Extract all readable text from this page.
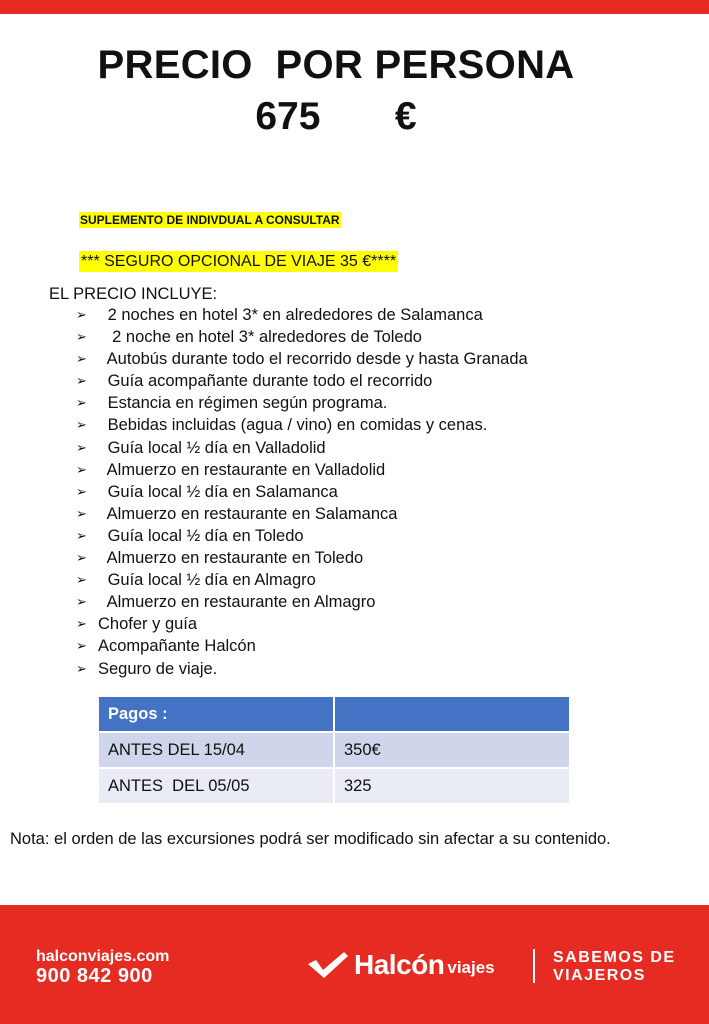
PRECIO  POR PERSONA
675   €
SUPLEMENTO DE INDIVDUAL A CONSULTAR
*** SEGURO OPCIONAL DE VIAJE 35 €****
EL PRECIO INCLUYE:
➢ 2 noches en hotel 3* en alrededores de Salamanca
➢ 2 noche en hotel 3* alrededores de Toledo
➢ Autobús durante todo el recorrido desde y hasta Granada
➢ Guía acompañante durante todo el recorrido
➢ Estancia en régimen según programa.
➢ Bebidas incluidas (agua / vino) en comidas y cenas.
➢ Guía local ½ día en Valladolid
➢ Almuerzo en restaurante en Valladolid
➢ Guía local ½ día en Salamanca
➢ Almuerzo en restaurante en Salamanca
➢ Guía local ½ día en Toledo
➢ Almuerzo en restaurante en Toledo
➢ Guía local ½ día en Almagro
➢ Almuerzo en restaurante en Almagro
➢ Chofer y guía
➢ Acompañante Halcón
➢ Seguro de viaje.
Pagos :	
ANTES DEL 15/04	350€
ANTES  DEL 05/05	325
Nota: el orden de las excursiones podrá ser modificado sin afectar a su contenido.
halconviajes.com
900 842 900	Halcón viajes
SABEMOS DE
VIAJEROS
